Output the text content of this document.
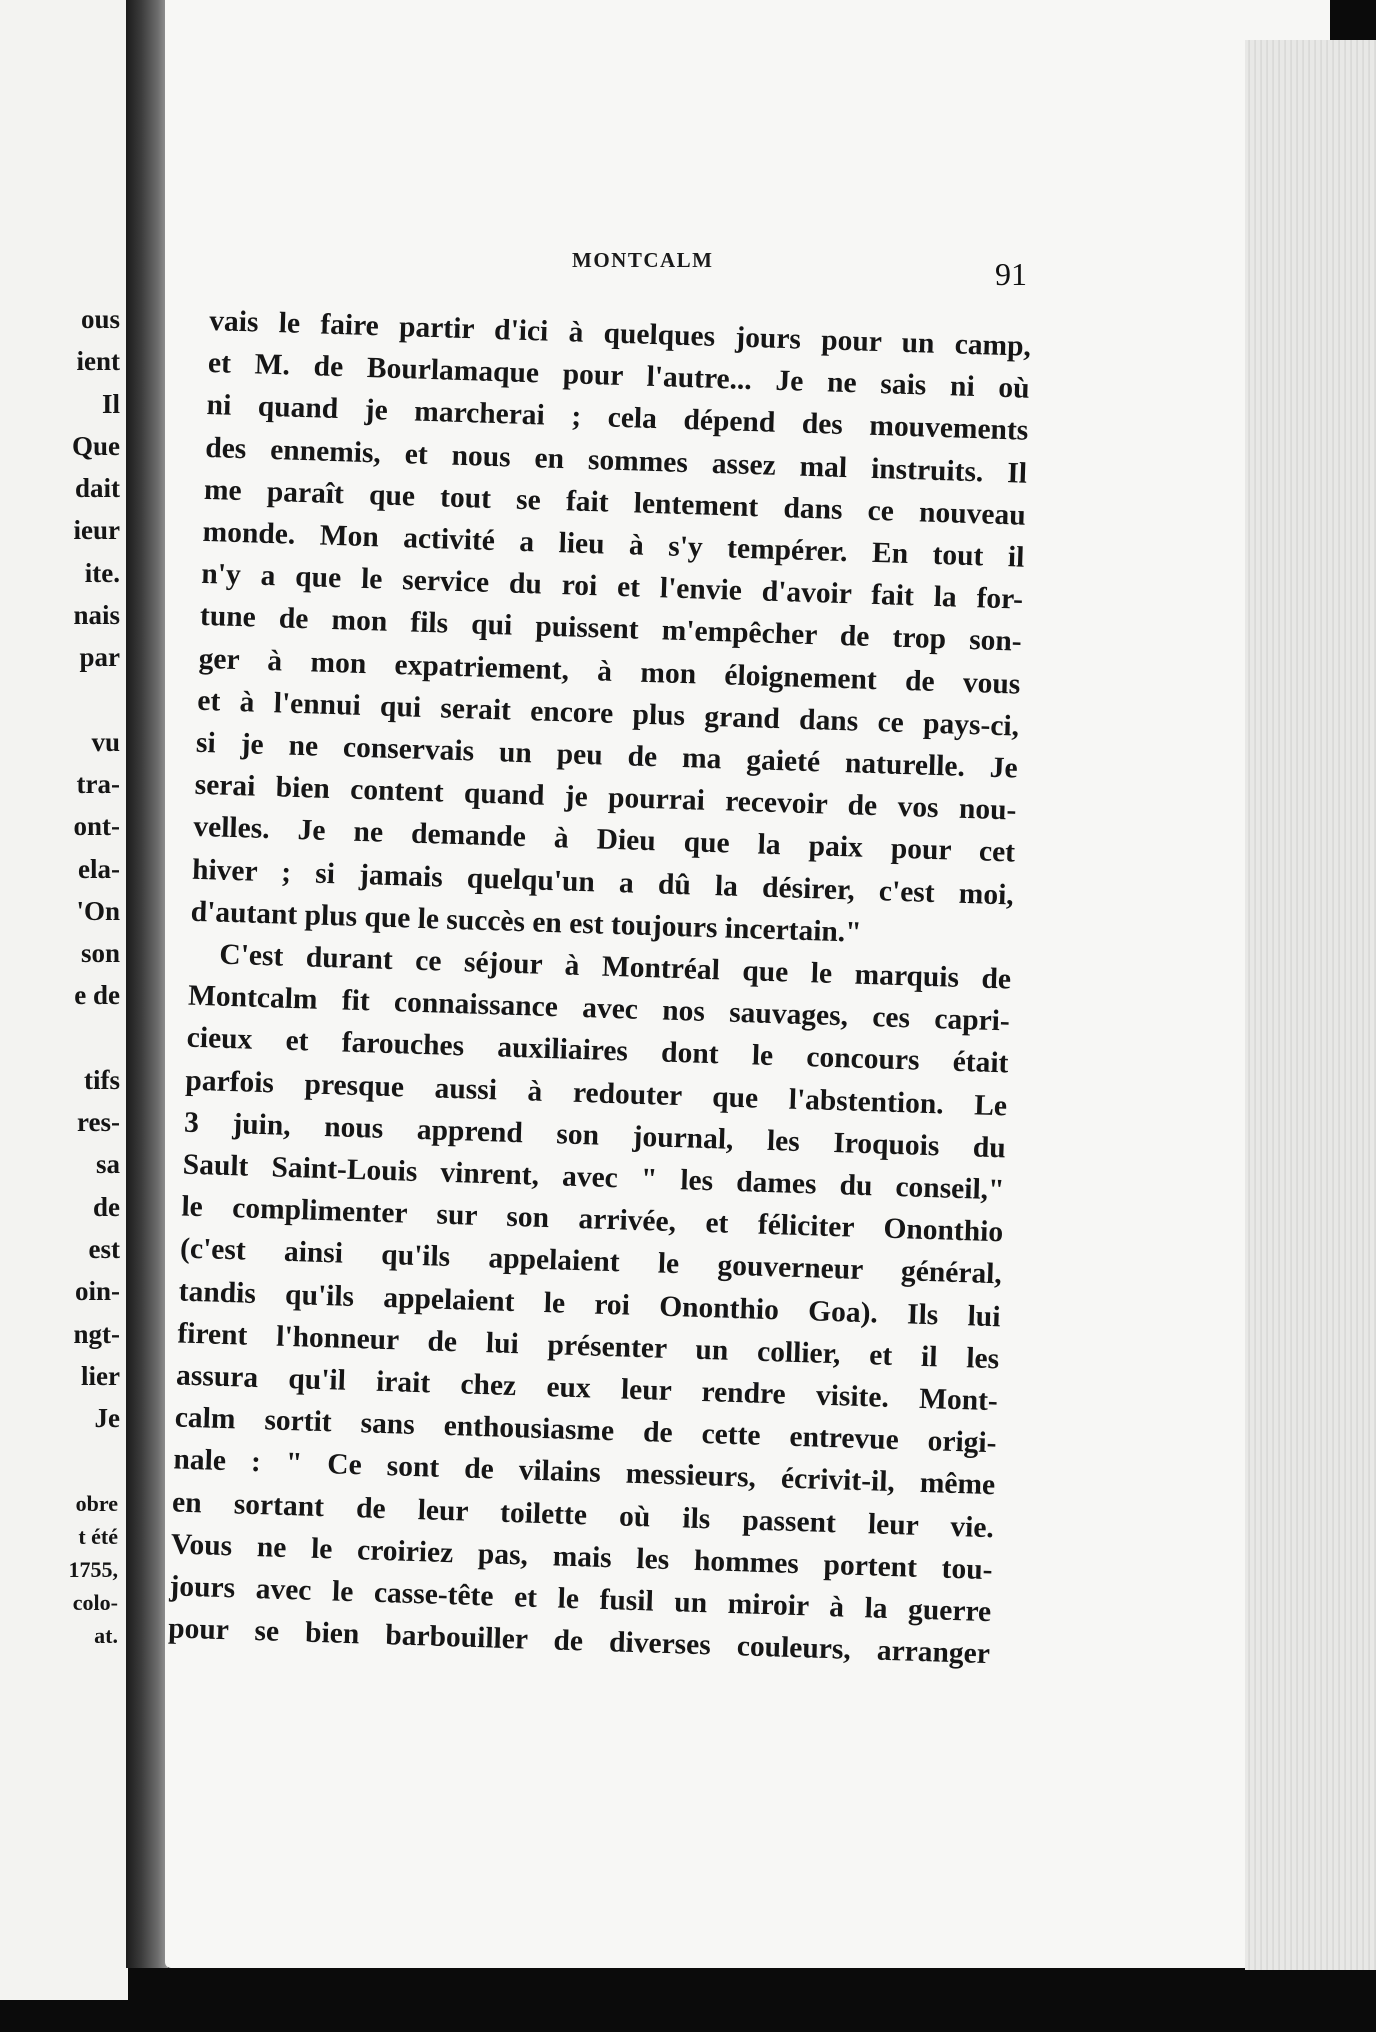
ous
ient
Il
Que
dait
ieur
ite.
nais
par
vu
tra-
ont-
ela-
'On
son
e de
tifs
res-
sa
de
est
oin-
ngt-
lier
Je
obre
t été
1755,
colo-
at.
MONTCALM	91
vais le faire partir d'ici à quelques jours pour un camp,
et M. de Bourlamaque pour l'autre... Je ne sais ni où
ni quand je marcherai ; cela dépend des mouvements
des ennemis, et nous en sommes assez mal instruits. Il
me paraît que tout se fait lentement dans ce nouveau
monde. Mon activité a lieu à s'y tempérer. En tout il
n'y a que le service du roi et l'envie d'avoir fait la for-
tune de mon fils qui puissent m'empêcher de trop son-
ger à mon expatriement, à mon éloignement de vous
et à l'ennui qui serait encore plus grand dans ce pays-ci,
si je ne conservais un peu de ma gaieté naturelle. Je
serai bien content quand je pourrai recevoir de vos nou-
velles. Je ne demande à Dieu que la paix pour cet
hiver ; si jamais quelqu'un a dû la désirer, c'est moi,
d'autant plus que le succès en est toujours incertain."
C'est durant ce séjour à Montréal que le marquis de
Montcalm fit connaissance avec nos sauvages, ces capri-
cieux et farouches auxiliaires dont le concours était
parfois presque aussi à redouter que l'abstention. Le
3 juin, nous apprend son journal, les Iroquois du
Sault Saint-Louis vinrent, avec " les dames du conseil,"
le complimenter sur son arrivée, et féliciter Ononthio
(c'est ainsi qu'ils appelaient le gouverneur général,
tandis qu'ils appelaient le roi Ononthio Goa). Ils lui
firent l'honneur de lui présenter un collier, et il les
assura qu'il irait chez eux leur rendre visite. Mont-
calm sortit sans enthousiasme de cette entrevue origi-
nale : " Ce sont de vilains messieurs, écrivit-il, même
en sortant de leur toilette où ils passent leur vie.
Vous ne le croiriez pas, mais les hommes portent tou-
jours avec le casse-tête et le fusil un miroir à la guerre
pour se bien barbouiller de diverses couleurs, arranger
